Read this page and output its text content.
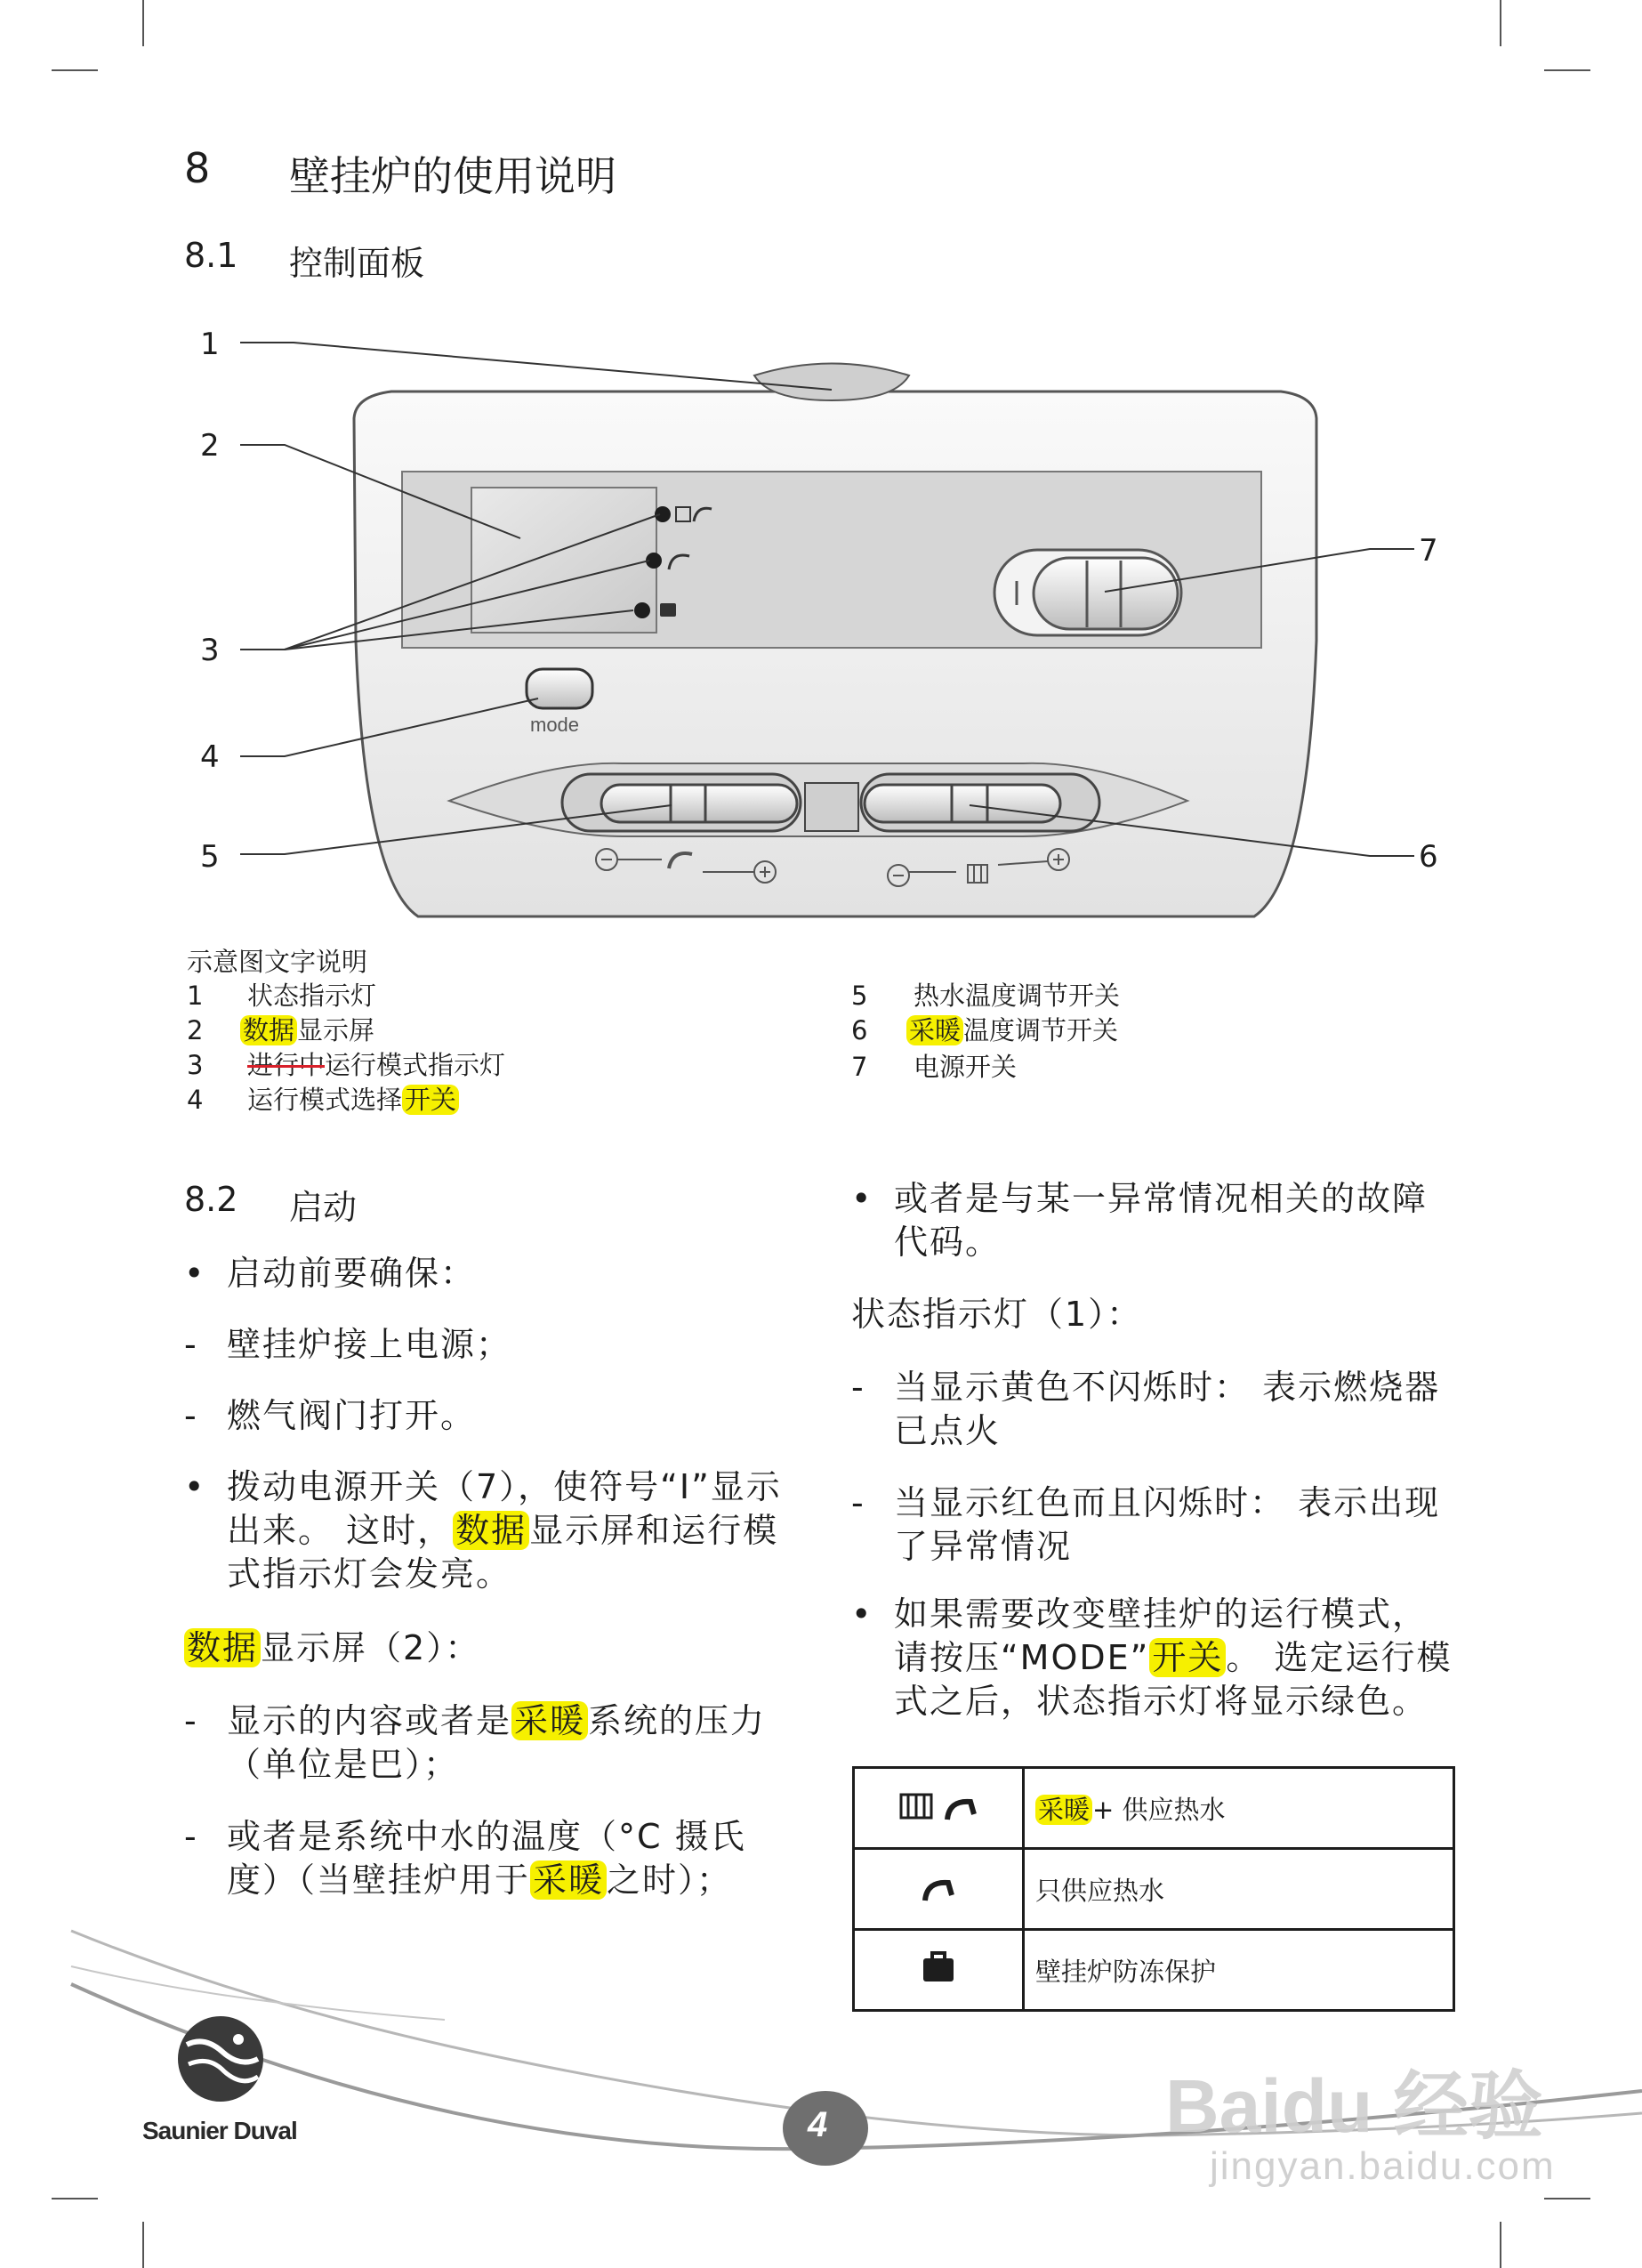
8 壁挂炉的使用说明
8.1 控制面板
mode
1
2
3
4
5	6
7
示意图文字说明
1 状态指示灯
2 数据 显示屏
3 进行中运行模式指示灯
4 运行模式选择 开关
5 热水温度调节开关
6 采暖 温度调节开关
7 电源开关
8.2 启动
• 启动前要确保：
- 壁挂炉接上电源；
- 燃气阀门打开。
• 拨动电源开关（7），使符号“I”显示
出来。 这时，数据显示屏和运行模
式指示灯会发亮。
数据显示屏（2）：
- 显示的内容或者是采暖系统的压力
（单位是巴）；
- 或者是系统中水的温度（°C 摄氏
度）（当壁挂炉用于采暖之时）；
• 或者是与某一异常情况相关的故障
代码。
状态指示灯（1）：
- 当显示黄色不闪烁时： 表示燃烧器
已点火
- 当显示红色而且闪烁时： 表示出现
了异常情况
• 如果需要改变壁挂炉的运行模式，
请按压“MODE”开关。 选定运行模
式之后，状态指示灯将显示绿色。
	采暖 + 供应热水
	只供应热水
	壁挂炉防冻保护
4
Saunier Duval	Baidu 经验
jingyan.baidu.com
